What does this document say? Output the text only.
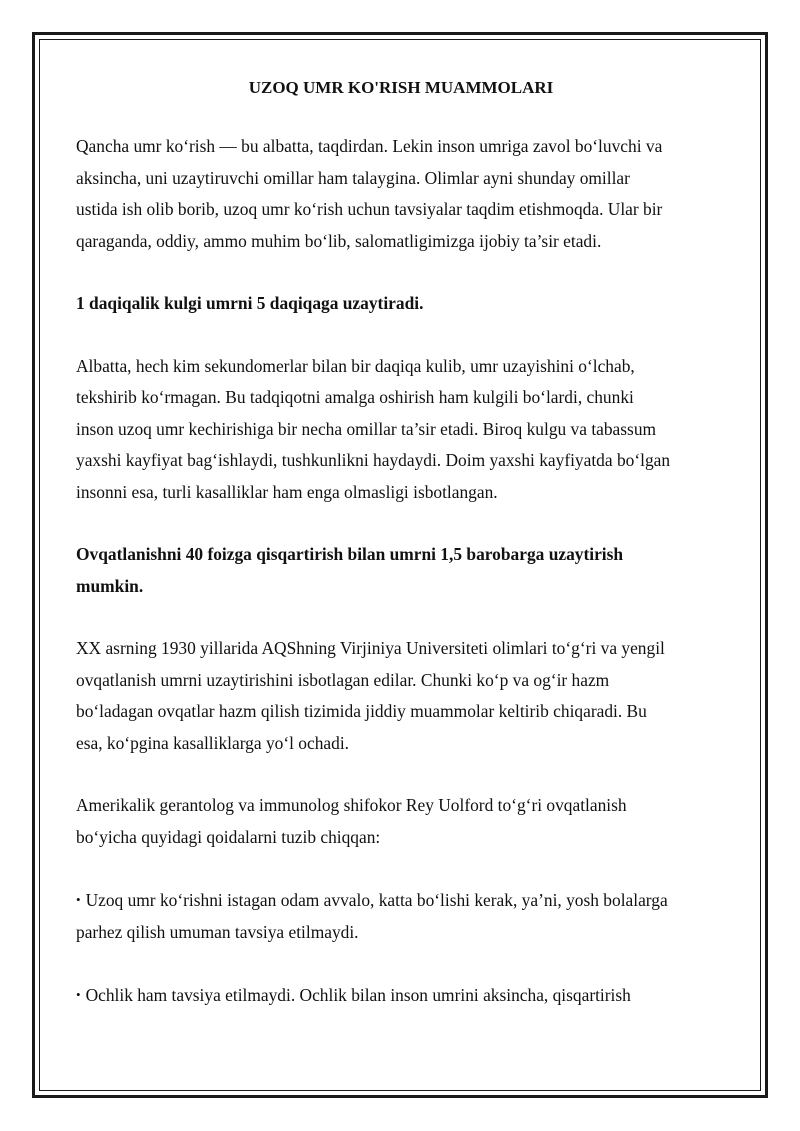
UZOQ UMR KO'RISH MUAMMOLARI
Qancha umr ko‘rish — bu albatta, taqdirdan. Lekin inson umriga zavol bo‘luvchi va
aksincha, uni uzaytiruvchi omillar ham talaygina. Olimlar ayni shunday omillar
ustida ish olib borib, uzoq umr ko‘rish uchun tavsiyalar taqdim etishmoqda. Ular bir
qaraganda, oddiy, ammo muhim bo‘lib, salomatligimizga ijobiy ta’sir etadi.
1 daqiqalik kulgi umrni 5 daqiqaga uzaytiradi.
Albatta, hech kim sekundomerlar bilan bir daqiqa kulib, umr uzayishini o‘lchab,
tekshirib ko‘rmagan. Bu tadqiqotni amalga oshirish ham kulgili bo‘lardi, chunki
inson uzoq umr kechirishiga bir necha omillar ta’sir etadi. Biroq kulgu va tabassum
yaxshi kayfiyat bag‘ishlaydi, tushkunlikni haydaydi. Doim yaxshi kayfiyatda bo‘lgan
insonni esa, turli kasalliklar ham enga olmasligi isbotlangan.
Ovqatlanishni 40 foizga qisqartirish bilan umrni 1,5 barobarga uzaytirish
mumkin.
XX asrning 1930 yillarida AQShning Virjiniya Universiteti olimlari to‘g‘ri va yengil
ovqatlanish umrni uzaytirishini isbotlagan edilar. Chunki ko‘p va og‘ir hazm
bo‘ladagan ovqatlar hazm qilish tizimida jiddiy muammolar keltirib chiqaradi. Bu
esa, ko‘pgina kasalliklarga yo‘l ochadi.
Amerikalik gerantolog va immunolog shifokor Rey Uolford to‘g‘ri ovqatlanish
bo‘yicha quyidagi qoidalarni tuzib chiqqan:
• Uzoq umr ko‘rishni istagan odam avvalo, katta bo‘lishi kerak, ya’ni, yosh bolalarga
parhez qilish umuman tavsiya etilmaydi.
• Ochlik ham tavsiya etilmaydi. Ochlik bilan inson umrini aksincha, qisqartirish
